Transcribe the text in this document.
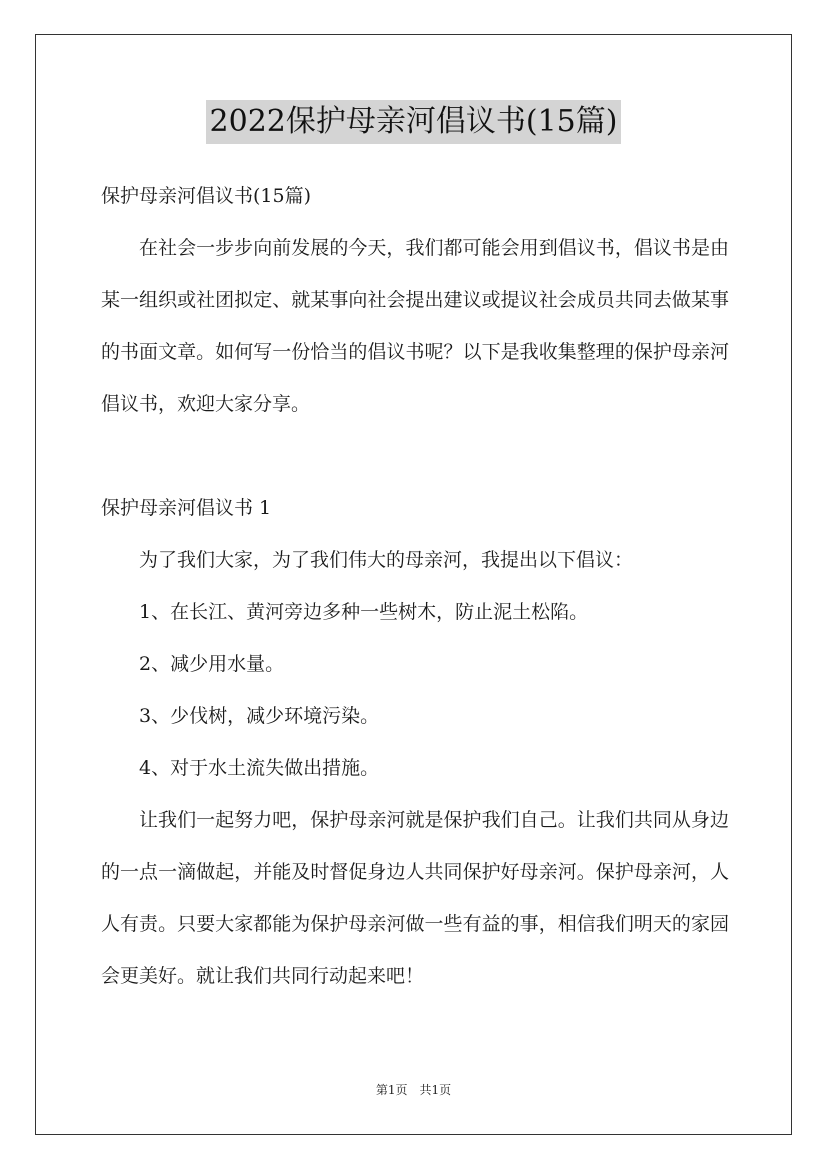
2022保护母亲河倡议书(15篇)

保护母亲河倡议书(15篇)

在社会一步步向前发展的今天，我们都可能会用到倡议书，倡议书是由某一组织或社团拟定、就某事向社会提出建议或提议社会成员共同去做某事的书面文章。如何写一份恰当的倡议书呢？以下是我收集整理的保护母亲河倡议书，欢迎大家分享。

保护母亲河倡议书 1

为了我们大家，为了我们伟大的母亲河，我提出以下倡议：

1、在长江、黄河旁边多种一些树木，防止泥土松陷。

2、减少用水量。

3、少伐树，减少环境污染。

4、对于水土流失做出措施。

让我们一起努力吧，保护母亲河就是保护我们自己。让我们共同从身边的一点一滴做起，并能及时督促身边人共同保护好母亲河。保护母亲河，人人有责。只要大家都能为保护母亲河做一些有益的事，相信我们明天的家园会更美好。就让我们共同行动起来吧！

第1页 共1页
